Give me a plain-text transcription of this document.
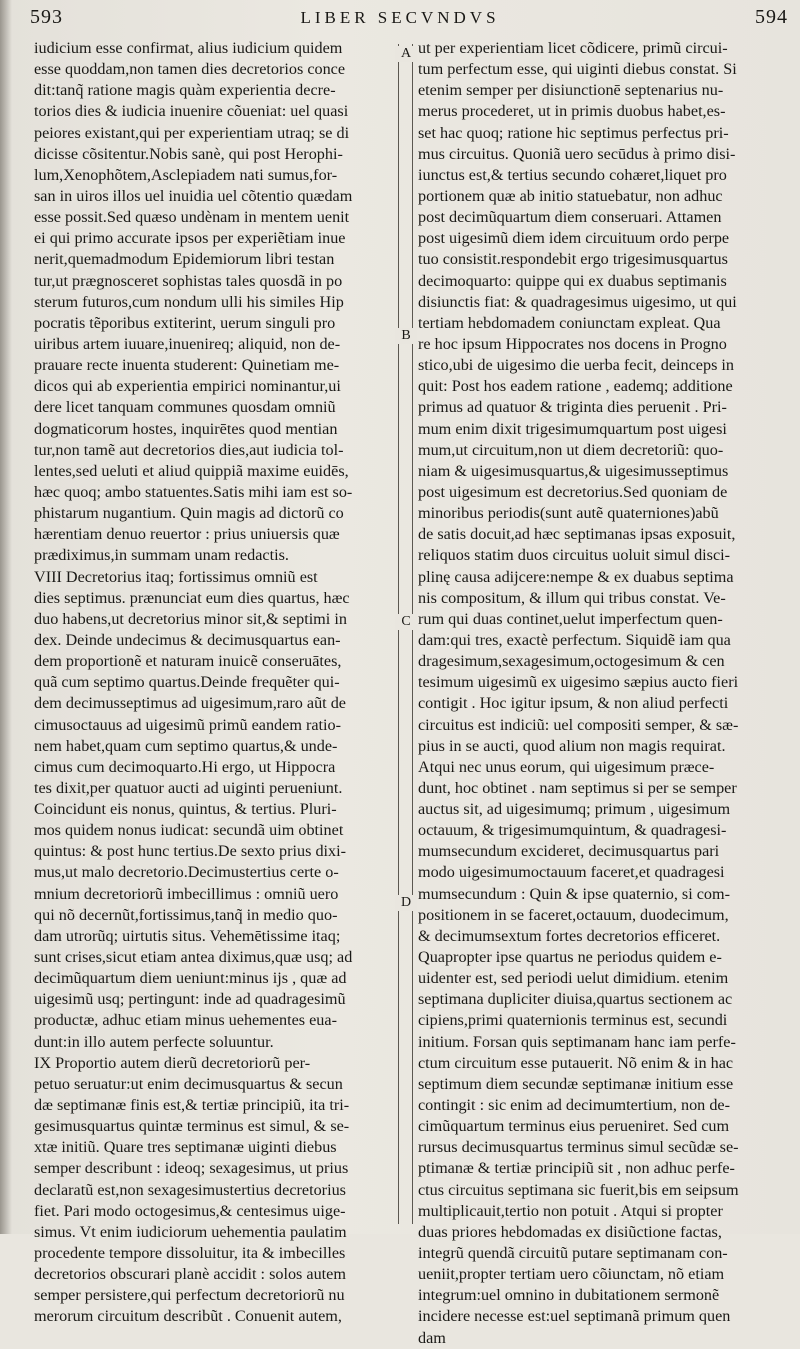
593	LIBER SECVNDVS	594
A
B
C
D
iudicium esse confirmat, alius iudicium quidem
esse quoddam,non tamen dies decretorios conce
dit:tanq̃ ratione magis quàm experientia decre-
torios dies & iudicia inuenire cõueniat: uel quasi
peiores existant,qui per experientiam utraq; se di
dicisse cõsitentur.Nobis sanè, qui post Herophi-
lum,Xenophõtem,Asclepiadem nati sumus,for-
san in uiros illos uel inuidia uel cõtentio quædam
esse possit.Sed quæso undènam in mentem uenit
ei qui primo accurate ipsos per experiẽtiam inue
nerit,quemadmodum Epidemiorum libri testan
tur,ut prægnosceret sophistas tales quosdã in po
sterum futuros,cum nondum ulli his similes Hip
pocratis tẽporibus extiterint, uerum singuli pro
uiribus artem iuuare,inuenireq; aliquid, non de-
prauare recte inuenta studerent: Quinetiam me-
dicos qui ab experientia empirici nominantur,ui
dere licet tanquam communes quosdam omniũ
dogmaticorum hostes, inquirētes quod mentian
tur,non tamẽ aut decretorios dies,aut iudicia tol-
lentes,sed ueluti et aliud quippiã maxime euidēs,
hæc quoq; ambo statuentes.Satis mihi iam est so-
phistarum nugantium. Quin magis ad dictorũ co
hærentiam denuo reuertor : prius uniuersis quæ
prædiximus,in summam unam redactis.
VIII Decretorius itaq; fortissimus omniũ est
dies septimus. prænunciat eum dies quartus, hæc
duo habens,ut decretorius minor sit,& septimi in
dex. Deinde undecimus & decimusquartus ean-
dem proportionẽ et naturam inuicẽ conseruātes,
quã cum septimo quartus.Deinde frequẽter qui-
dem decimusseptimus ad uigesimum,raro aũt de
cimusoctauus ad uigesimũ primũ eandem ratio-
nem habet,quam cum septimo quartus,& unde-
cimus cum decimoquarto.Hi ergo, ut Hippocra
tes dixit,per quatuor aucti ad uiginti perueniunt.
Coincidunt eis nonus, quintus, & tertius. Pluri-
mos quidem nonus iudicat: secundã uim obtinet
quintus: & post hunc tertius.De sexto prius dixi-
mus,ut malo decretorio.Decimustertius certe o-
mnium decretoriorũ imbecillimus : omniũ uero
qui nõ decernũt,fortissimus,tanq̃ in medio quo-
dam utrorũq; uirtutis situs. Vehemētissime itaq;
sunt crises,sicut etiam antea diximus,quæ usq; ad
decimũquartum diem ueniunt:minus ijs , quæ ad
uigesimũ usq; pertingunt: inde ad quadragesimũ
productæ, adhuc etiam minus uehementes eua-
dunt:in illo autem perfecte soluuntur.
IX Proportio autem dierũ decretoriorũ per-
petuo seruatur:ut enim decimusquartus & secun
dæ septimanæ finis est,& tertiæ principiũ, ita tri-
gesimusquartus quintæ terminus est simul, & se-
xtæ initiũ. Quare tres septimanæ uiginti diebus
semper describunt : ideoq; sexagesimus, ut prius
declaratũ est,non sexagesimustertius decretorius
fiet. Pari modo octogesimus,& centesimus uige-
simus. Vt enim iudiciorum uehementia paulatim
procedente tempore dissoluitur, ita & imbecilles
decretorios obscurari planè accidit : solos autem
semper persistere,qui perfectum decretoriorũ nu
merorum circuitum describũt . Conuenit autem,
ut per experientiam licet cõdicere, primũ circui-
tum perfectum esse, qui uiginti diebus constat. Si
etenim semper per disiunctionē septenarius nu-
merus procederet, ut in primis duobus habet,es-
set hac quoq; ratione hic septimus perfectus pri-
mus circuitus. Quoniã uero secūdus à primo disi-
iunctus est,& tertius secundo cohæret,liquet pro
portionem quæ ab initio statuebatur, non adhuc
post decimũquartum diem conseruari. Attamen
post uigesimũ diem idem circuituum ordo perpe
tuo consistit.respondebit ergo trigesimusquartus
decimoquarto: quippe qui ex duabus septimanis
disiunctis fiat: & quadragesimus uigesimo, ut qui
tertiam hebdomadem coniunctam expleat. Qua
re hoc ipsum Hippocrates nos docens in Progno
stico,ubi de uigesimo die uerba fecit, deinceps in
quit: Post hos eadem ratione , eademq; additione
primus ad quatuor & triginta dies peruenit . Pri-
mum enim dixit trigesimumquartum post uigesi
mum,ut circuitum,non ut diem decretoriũ: quo-
niam & uigesimusquartus,& uigesimusseptimus
post uigesimum est decretorius.Sed quoniam de
minoribus periodis(sunt autẽ quaterniones)abũ
de satis docuit,ad hæc septimanas ipsas exposuit,
reliquos statim duos circuitus uoluit simul disci-
plinę causa adijcere:nempe & ex duabus septima
nis compositum, & illum qui tribus constat. Ve-
rum qui duas continet,uelut imperfectum quen-
dam:qui tres, exactè perfectum. Siquidẽ iam qua
dragesimum,sexagesimum,octogesimum & cen
tesimum uigesimũ ex uigesimo sæpius aucto fieri
contigit . Hoc igitur ipsum, & non aliud perfecti
circuitus est indiciũ: uel compositi semper, & sæ-
pius in se aucti, quod alium non magis requirat.
Atqui nec unus eorum, qui uigesimum præce-
dunt, hoc obtinet . nam septimus si per se semper
auctus sit, ad uigesimumq; primum , uigesimum
octauum, & trigesimumquintum, & quadragesi-
mumsecundum excideret, decimusquartus pari
modo uigesimumoctauum faceret,et quadragesi
mumsecundum : Quin & ipse quaternio, si com-
positionem in se faceret,octauum, duodecimum,
& decimumsextum fortes decretorios efficeret.
Quapropter ipse quartus ne periodus quidem e-
uidenter est, sed periodi uelut dimidium. etenim
septimana dupliciter diuisa,quartus sectionem ac
cipiens,primi quaternionis terminus est, secundi
initium. Forsan quis septimanam hanc iam perfe-
ctum circuitum esse putauerit. Nõ enim & in hac
septimum diem secundæ septimanæ initium esse
contingit : sic enim ad decimumtertium, non de-
cimũquartum terminus eius perueniret. Sed cum
rursus decimusquartus terminus simul secũdæ se-
ptimanæ & tertiæ principiũ sit , non adhuc perfe-
ctus circuitus septimana sic fuerit,bis em seipsum
multiplicauit,tertio non potuit . Atqui si propter
duas priores hebdomadas ex disiũctione factas,
integrũ quendã circuitũ putare septimanam con-
ueniit,propter tertiam uero cõiunctam, nõ etiam
integrum:uel omnino in dubitationem sermonẽ
incidere necesse est:uel septimanã primum quen
dam
